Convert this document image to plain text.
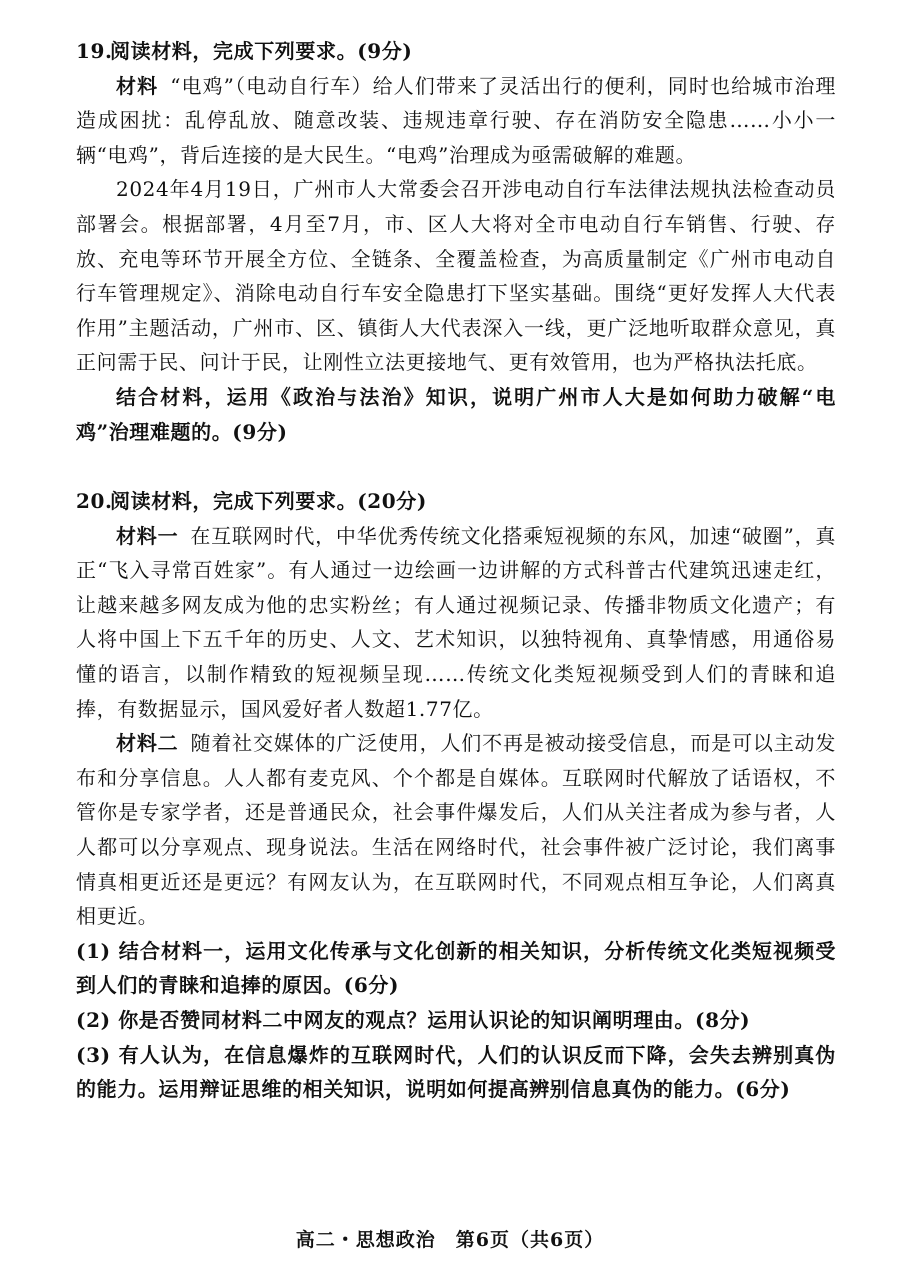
19.阅读材料，完成下列要求。(9分)

材料 “电鸡”（电动自行车）给人们带来了灵活出行的便利，同时也给城市治理造成困扰：乱停乱放、随意改装、违规违章行驶、存在消防安全隐患……小小一辆“电鸡”，背后连接的是大民生。“电鸡”治理成为亟需破解的难题。

2024年4月19日，广州市人大常委会召开涉电动自行车法律法规执法检查动员部署会。根据部署，4月至7月，市、区人大将对全市电动自行车销售、行驶、存放、充电等环节开展全方位、全链条、全覆盖检查，为高质量制定《广州市电动自行车管理规定》、消除电动自行车安全隐患打下坚实基础。围绕“更好发挥人大代表作用”主题活动，广州市、区、镇街人大代表深入一线，更广泛地听取群众意见，真正问需于民、问计于民，让刚性立法更接地气、更有效管用，也为严格执法托底。

结合材料，运用《政治与法治》知识，说明广州市人大是如何助力破解“电鸡”治理难题的。(9分)

20.阅读材料，完成下列要求。(20分)

材料一 在互联网时代，中华优秀传统文化搭乘短视频的东风，加速“破圈”，真正“飞入寻常百姓家”。有人通过一边绘画一边讲解的方式科普古代建筑迅速走红，让越来越多网友成为他的忠实粉丝；有人通过视频记录、传播非物质文化遗产；有人将中国上下五千年的历史、人文、艺术知识，以独特视角、真挚情感，用通俗易懂的语言，以制作精致的短视频呈现……传统文化类短视频受到人们的青睐和追捧，有数据显示，国风爱好者人数超1.77亿。

材料二 随着社交媒体的广泛使用，人们不再是被动接受信息，而是可以主动发布和分享信息。人人都有麦克风、个个都是自媒体。互联网时代解放了话语权，不管你是专家学者，还是普通民众，社会事件爆发后，人们从关注者成为参与者，人人都可以分享观点、现身说法。生活在网络时代，社会事件被广泛讨论，我们离事情真相更近还是更远？有网友认为，在互联网时代，不同观点相互争论，人们离真相更近。

(1) 结合材料一，运用文化传承与文化创新的相关知识，分析传统文化类短视频受到人们的青睐和追捧的原因。(6分)

(2) 你是否赞同材料二中网友的观点？运用认识论的知识阐明理由。(8分)

(3) 有人认为，在信息爆炸的互联网时代，人们的认识反而下降，会失去辨别真伪的能力。运用辩证思维的相关知识，说明如何提高辨别信息真伪的能力。(6分)

高二・思想政治　第6页（共6页）
